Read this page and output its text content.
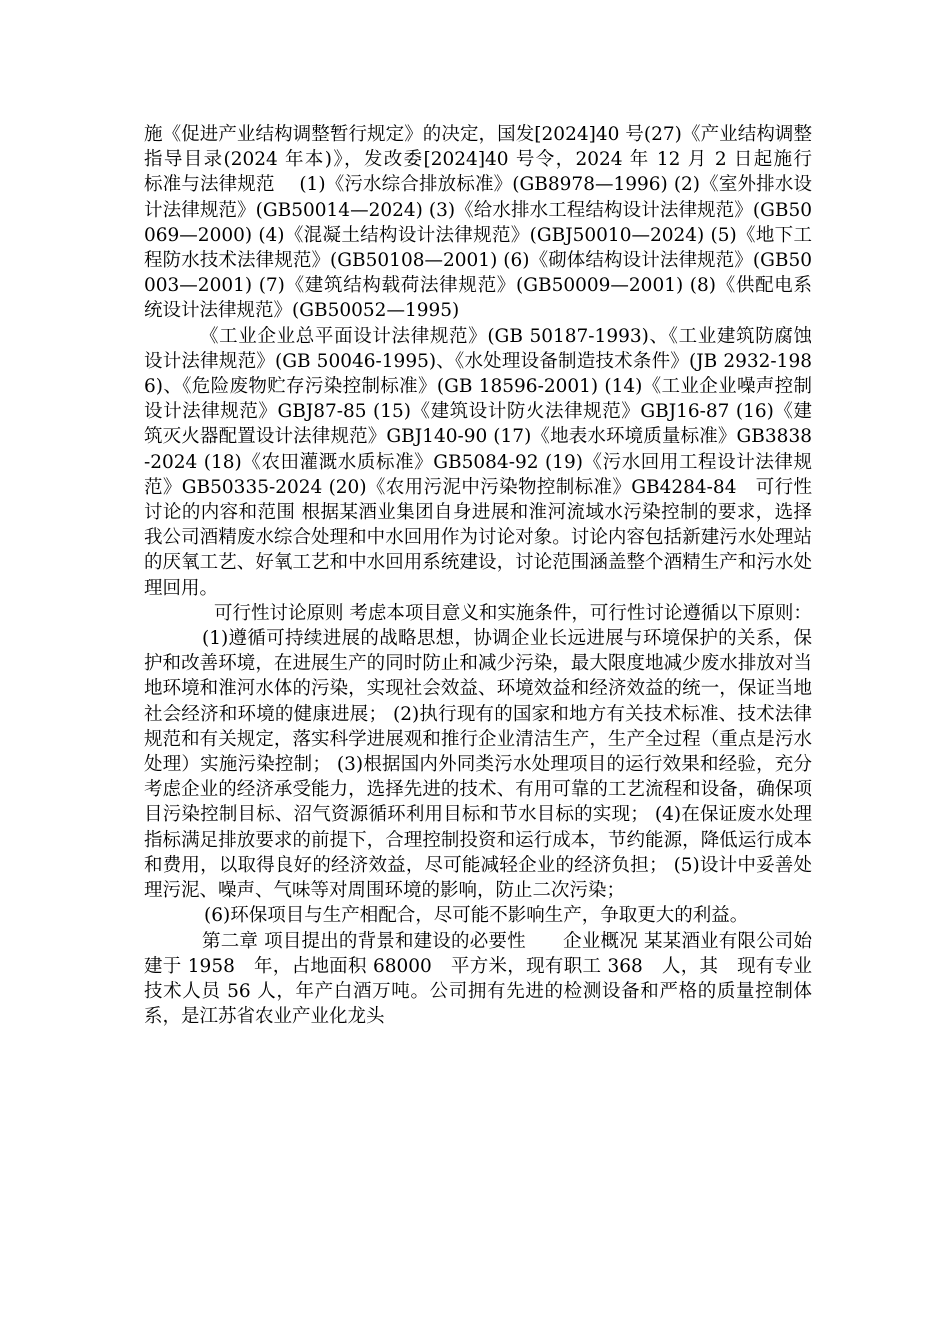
施《促进产业结构调整暂行规定》的决定，国发[2024]40 号(27)《产业结构调整指导目录(2024 年本)》，发改委[2024]40 号令，2024 年 12 月 2 日起施行　 标准与法律规范　 (1)《污水综合排放标准》(GB8978—1996) (2)《室外排水设计法律规范》(GB50014—2024) (3)《给水排水工程结构设计法律规范》(GB50069—2000) (4)《混凝土结构设计法律规范》(GBJ50010—2024) (5)《地下工程防水技术法律规范》(GB50108—2001) (6)《砌体结构设计法律规范》(GB50003—2001) (7)《建筑结构载荷法律规范》(GB50009—2001) (8)《供配电系统设计法律规范》(GB50052—1995)

《工业企业总平面设计法律规范》(GB 50187-1993)、《工业建筑防腐蚀设计法律规范》(GB 50046-1995)、《水处理设备制造技术条件》(JB 2932-1986)、《危险废物贮存污染控制标准》(GB 18596-2001) (14)《工业企业噪声控制设计法律规范》GBJ87-85 (15)《建筑设计防火法律规范》GBJ16-87 (16)《建筑灭火器配置设计法律规范》GBJ140-90 (17)《地表水环境质量标准》GB3838-2024 (18)《农田灌溉水质标准》GB5084-92 (19)《污水回用工程设计法律规范》GB50335-2024 (20)《农用污泥中污染物控制标准》GB4284-84　可行性讨论的内容和范围 根据某酒业集团自身进展和淮河流域水污染控制的要求，选择我公司酒精废水综合处理和中水回用作为讨论对象。讨论内容包括新建污水处理站的厌氧工艺、好氧工艺和中水回用系统建设，讨论范围涵盖整个酒精生产和污水处理回用。

可行性讨论原则 考虑本项目意义和实施条件，可行性讨论遵循以下原则：

(1)遵循可持续进展的战略思想，协调企业长远进展与环境保护的关系，保护和改善环境，在进展生产的同时防止和减少污染，最大限度地减少废水排放对当地环境和淮河水体的污染，实现社会效益、环境效益和经济效益的统一，保证当地社会经济和环境的健康进展； (2)执行现有的国家和地方有关技术标准、技术法律规范和有关规定，落实科学进展观和推行企业清洁生产，生产全过程（重点是污水处理）实施污染控制； (3)根据国内外同类污水处理项目的运行效果和经验，充分考虑企业的经济承受能力，选择先进的技术、有用可靠的工艺流程和设备，确保项目污染控制目标、沼气资源循环利用目标和节水目标的实现； (4)在保证废水处理指标满足排放要求的前提下，合理控制投资和运行成本，节约能源，降低运行成本和费用，以取得良好的经济效益，尽可能减轻企业的经济负担； (5)设计中妥善处理污泥、噪声、气味等对周围环境的影响，防止二次污染；

(6)环保项目与生产相配合，尽可能不影响生产，争取更大的利益。

第二章 项目提出的背景和建设的必要性　　企业概况 某某酒业有限公司始建于 1958　年，占地面积 68000　平方米，现有职工 368　人，其　现有专业技术人员 56 人，年产白酒万吨。公司拥有先进的检测设备和严格的质量控制体系，是江苏省农业产业化龙头
